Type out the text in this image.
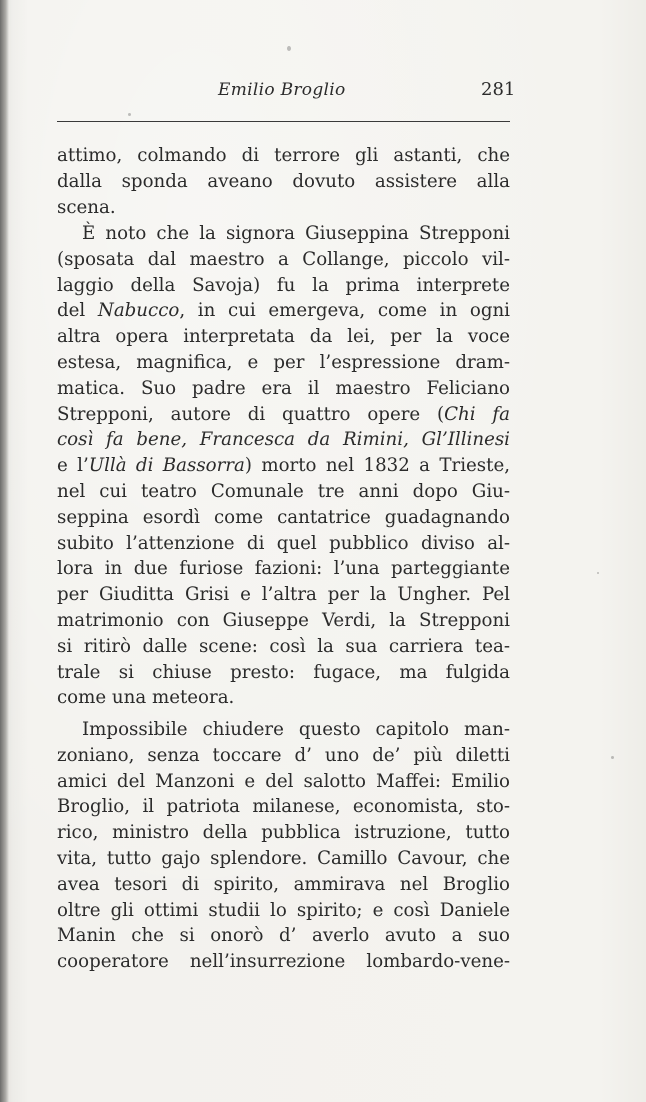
Emilio Broglio	281
attimo, colmando di terrore gli astanti, che
dalla sponda aveano dovuto assistere alla
scena.
È noto che la signora Giuseppina Strepponi
(sposata dal maestro a Collange, piccolo vil-
laggio della Savoja) fu la prima interprete
del Nabucco, in cui emergeva, come in ogni
altra opera interpretata da lei, per la voce
estesa, magnifica, e per l’espressione dram-
matica. Suo padre era il maestro Feliciano
Strepponi, autore di quattro opere (Chi fa
così fa bene, Francesca da Rimini, Gl’Illinesi
e l’Ullà di Bassorra) morto nel 1832 a Trieste,
nel cui teatro Comunale tre anni dopo Giu-
seppina esordì come cantatrice guadagnando
subito l’attenzione di quel pubblico diviso al-
lora in due furiose fazioni: l’una parteggiante
per Giuditta Grisi e l’altra per la Ungher. Pel
matrimonio con Giuseppe Verdi, la Strepponi
si ritirò dalle scene: così la sua carriera tea-
trale si chiuse presto: fugace, ma fulgida
come una meteora.
Impossibile chiudere questo capitolo man-
zoniano, senza toccare d’ uno de’ più diletti
amici del Manzoni e del salotto Maffei: Emilio
Broglio, il patriota milanese, economista, sto-
rico, ministro della pubblica istruzione, tutto
vita, tutto gajo splendore. Camillo Cavour, che
avea tesori di spirito, ammirava nel Broglio
oltre gli ottimi studii lo spirito; e così Daniele
Manin che si onorò d’ averlo avuto a suo
cooperatore nell’insurrezione lombardo-vene-
